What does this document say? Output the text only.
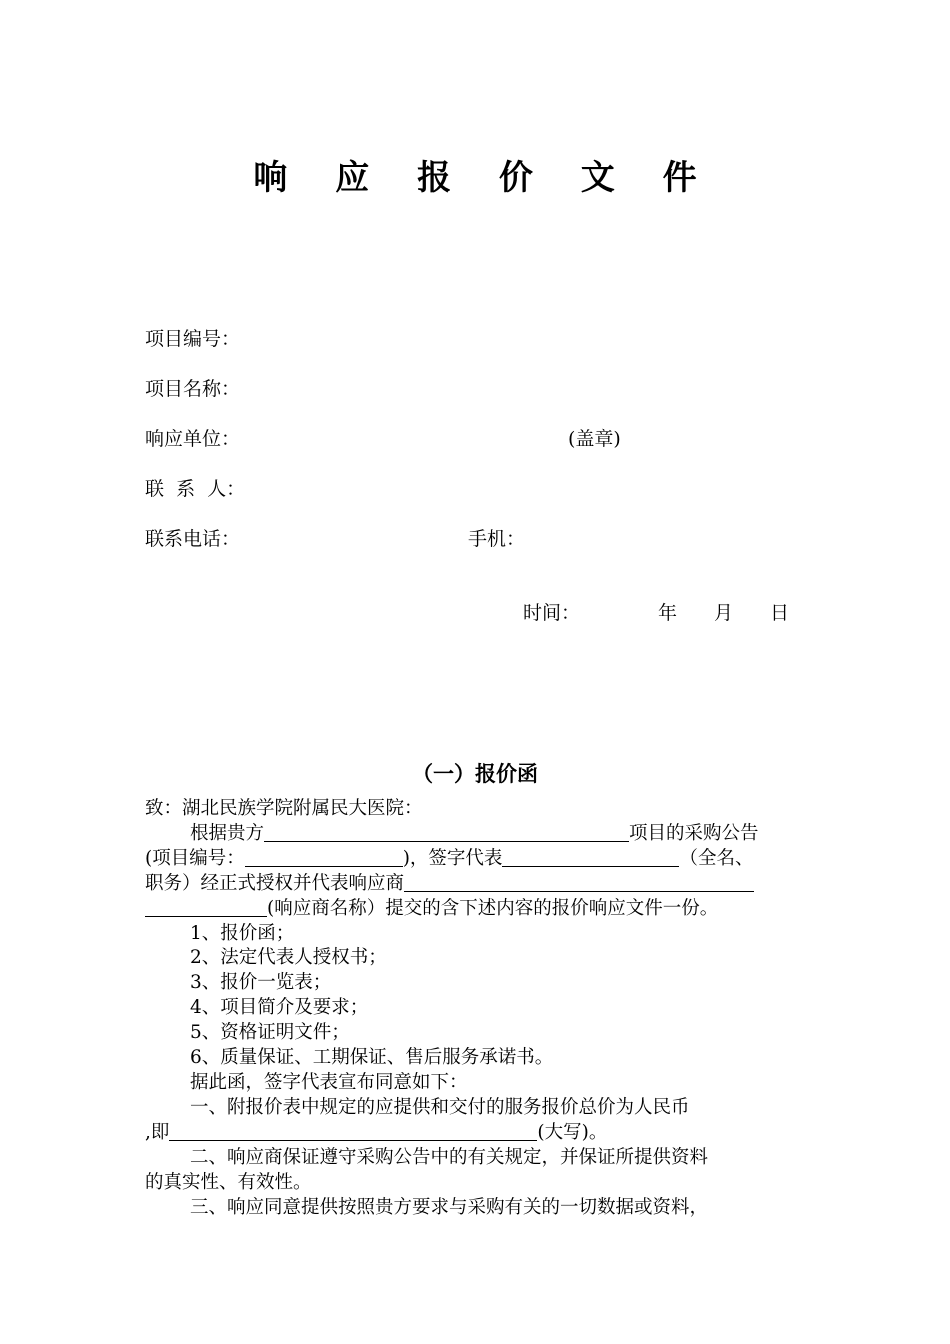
响 应 报 价 文 件
项目编号：
项目名称：
响应单位：	(盖章)
联  系  人：
联系电话：	手机：
时间：	年 月 日
（一）报价函
致：湖北民族学院附属民大医院：
根据贵方	项目的采购公告
(项目编号：	)，签字代表	（全名、
职务）经正式授权并代表响应商
(响应商名称）提交的含下述内容的报价响应文件一份。
1、报价函；
2、法定代表人授权书；
3、报价一览表；
4、项目简介及要求；
5、资格证明文件；
6、质量保证、工期保证、售后服务承诺书。
据此函，签字代表宣布同意如下：
一、附报价表中规定的应提供和交付的服务报价总价为人民币
,即	(大写)。
二、响应商保证遵守采购公告中的有关规定，并保证所提供资料
的真实性、有效性。
三、响应同意提供按照贵方要求与采购有关的一切数据或资料，
